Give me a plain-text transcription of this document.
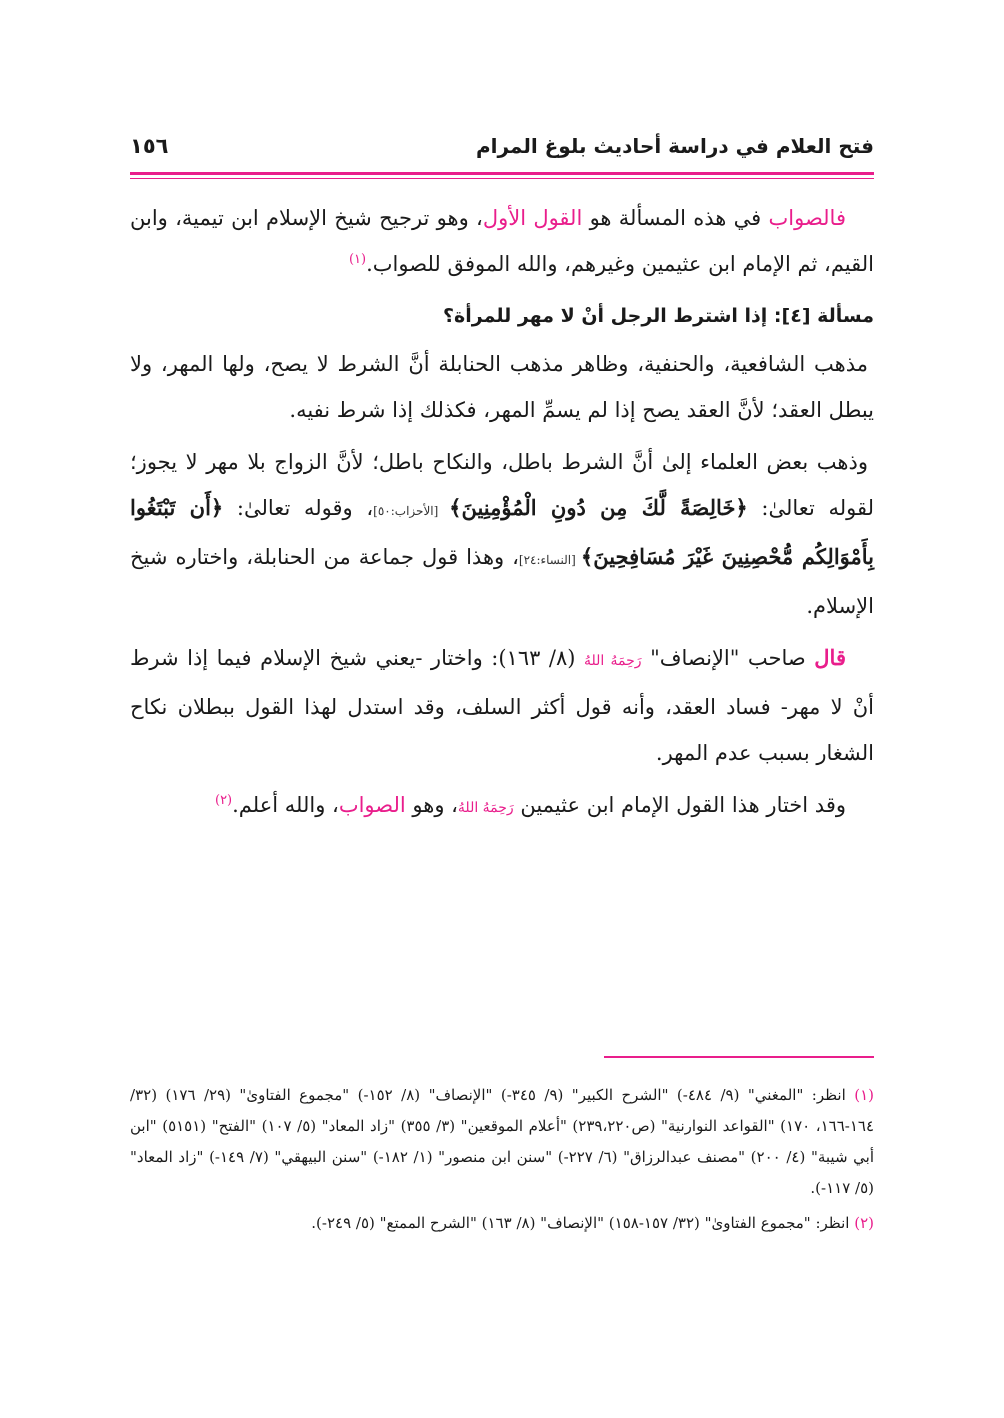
فتح العلام في دراسة أحاديث بلوغ المرام
١٥٦

فالصواب في هذه المسألة هو القول الأول، وهو ترجيح شيخ الإسلام ابن تيمية، وابن القيم، ثم الإمام ابن عثيمين وغيرهم، والله الموفق للصواب.$^{(١)}$

مسألة [٤]: إذا اشترط الرجل أنْ لا مهر للمرأة؟

مذهب الشافعية، والحنفية، وظاهر مذهب الحنابلة أنَّ الشرط لا يصح، ولها المهر، ولا يبطل العقد؛ لأنَّ العقد يصح إذا لم يسمِّ المهر، فكذلك إذا شرط نفيه.

وذهب بعض العلماء إلىٰ أنَّ الشرط باطل، والنكاح باطل؛ لأنَّ الزواج بلا مهر لا يجوز؛ لقوله تعالىٰ: ﴿خَالِصَةً لَّكَ مِن دُونِ الْمُؤْمِنِينَ﴾ [الأحزاب:٥٠]، وقوله تعالىٰ: ﴿أَن تَبْتَغُوا بِأَمْوَالِكُم مُّحْصِنِينَ غَيْرَ مُسَافِحِينَ﴾ [النساء:٢٤]، وهذا قول جماعة من الحنابلة، واختاره شيخ الإسلام.

قال صاحب "الإنصاف" رَحِمَهُ اللهُ (٨/ ١٦٣): واختار -يعني شيخ الإسلام فيما إذا شرط أنْ لا مهر- فساد العقد، وأنه قول أكثر السلف، وقد استدل لهذا القول ببطلان نكاح الشغار بسبب عدم المهر.

وقد اختار هذا القول الإمام ابن عثيمين رَحِمَهُ اللهُ، وهو الصواب، والله أعلم.$^{(٢)}$

(١) انظر: "المغني" (٩/ ٤٨٤-) "الشرح الكبير" (٩/ ٣٤٥-) "الإنصاف" (٨/ ١٥٢-) "مجموع الفتاوىٰ" (٢٩/ ١٧٦) (٣٢/ ١٦٤-١٦٦، ١٧٠) "القواعد النوارنية" (ص٢٣٩،٢٢٠) "أعلام الموقعين" (٣/ ٣٥٥) "زاد المعاد" (٥/ ١٠٧) "الفتح" (٥١٥١) "ابن أبي شيبة" (٤/ ٢٠٠) "مصنف عبدالرزاق" (٦/ ٢٢٧-) "سنن ابن منصور" (١/ ١٨٢-) "سنن البيهقي" (٧/ ١٤٩-) "زاد المعاد" (٥/ ١١٧-).

(٢) انظر: "مجموع الفتاوىٰ" (٣٢/ ١٥٧-١٥٨) "الإنصاف" (٨/ ١٦٣) "الشرح الممتع" (٥/ ٢٤٩-).
